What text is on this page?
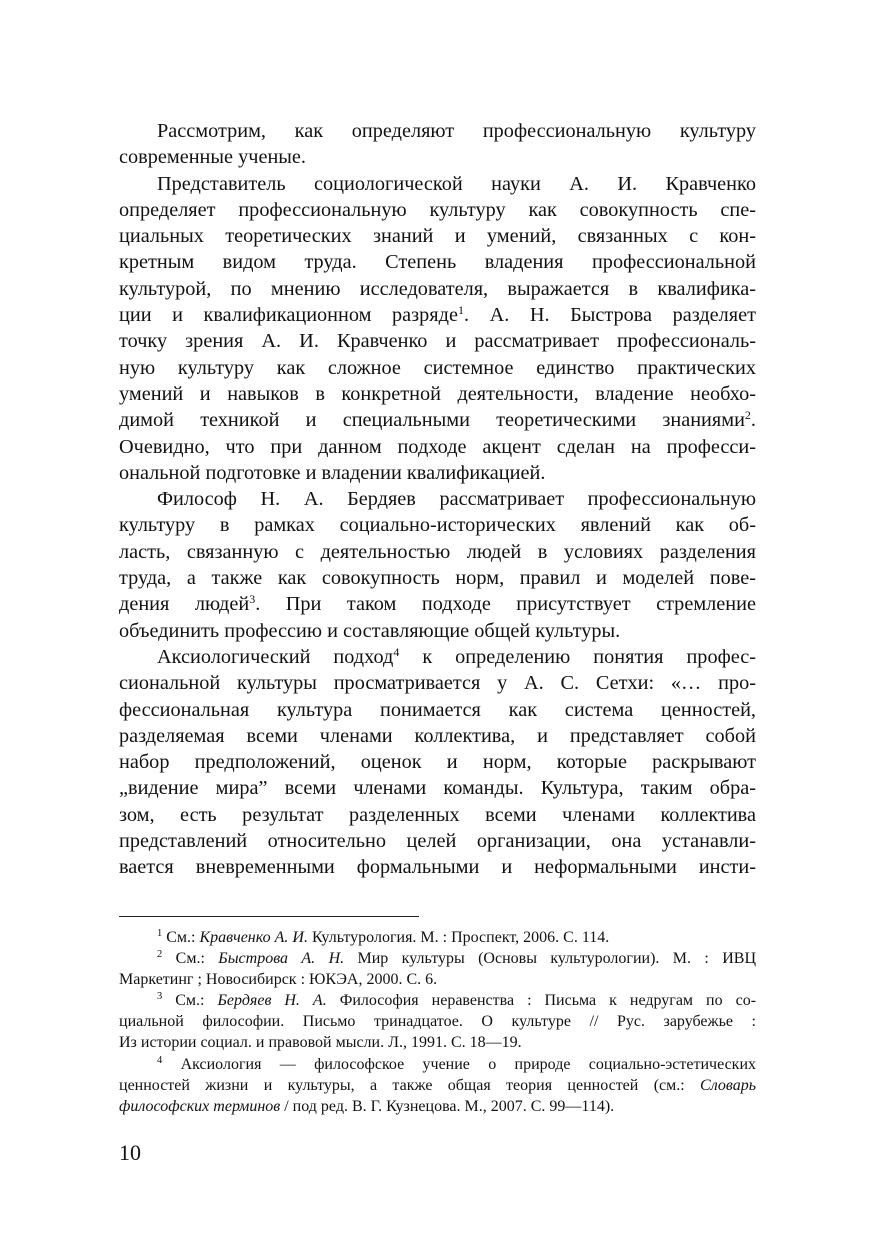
Рассмотрим, как определяют профессиональную культуру
современные ученые.

Представитель социологической науки А. И. Кравченко
определяет профессиональную культуру как совокупность спе-
циальных теоретических знаний и умений, связанных с кон-
кретным видом труда. Степень владения профессиональной
культурой, по мнению исследователя, выражается в квалифика-
ции и квалификационном разряде$^1$. А. Н. Быстрова разделяет
точку зрения А. И. Кравченко и рассматривает профессиональ-
ную культуру как сложное системное единство практических
умений и навыков в конкретной деятельности, владение необхо-
димой техникой и специальными теоретическими знаниями$^2$.
Очевидно, что при данном подходе акцент сделан на професси-
ональной подготовке и владении квалификацией.

Философ Н. А. Бердяев рассматривает профессиональную
культуру в рамках социально-исторических явлений как об-
ласть, связанную с деятельностью людей в условиях разделения
труда, а также как совокупность норм, правил и моделей пове-
дения людей$^3$. При таком подходе присутствует стремление
объединить профессию и составляющие общей культуры.

Аксиологический подход$^4$ к определению понятия профес-
сиональной культуры просматривается у А. С. Сетхи: «… про-
фессиональная культура понимается как система ценностей,
разделяемая всеми членами коллектива, и представляет собой
набор предположений, оценок и норм, которые раскрывают
„видение мира” всеми членами команды. Культура, таким обра-
зом, есть результат разделенных всеми членами коллектива
представлений относительно целей организации, она устанавли-
вается вневременными формальными и неформальными инсти-

$^1$ См.: Кравченко А. И. Культурология. М. : Проспект, 2006. С. 114.
$^2$ См.: Быстрова А. Н. Мир культуры (Основы культурологии). М. : ИВЦ
Маркетинг ; Новосибирск : ЮКЭА, 2000. С. 6.
$^3$ См.: Бердяев Н. А. Философия неравенства : Письма к недругам по со-
циальной философии. Письмо тринадцатое. О культуре // Рус. зарубежье :
Из истории социал. и правовой мысли. Л., 1991. С. 18—19.
$^4$ Аксиология — философское учение о природе социально-эстетических
ценностей жизни и культуры, а также общая теория ценностей (см.: Словарь
философских терминов / под ред. В. Г. Кузнецова. М., 2007. С. 99—114).
10
